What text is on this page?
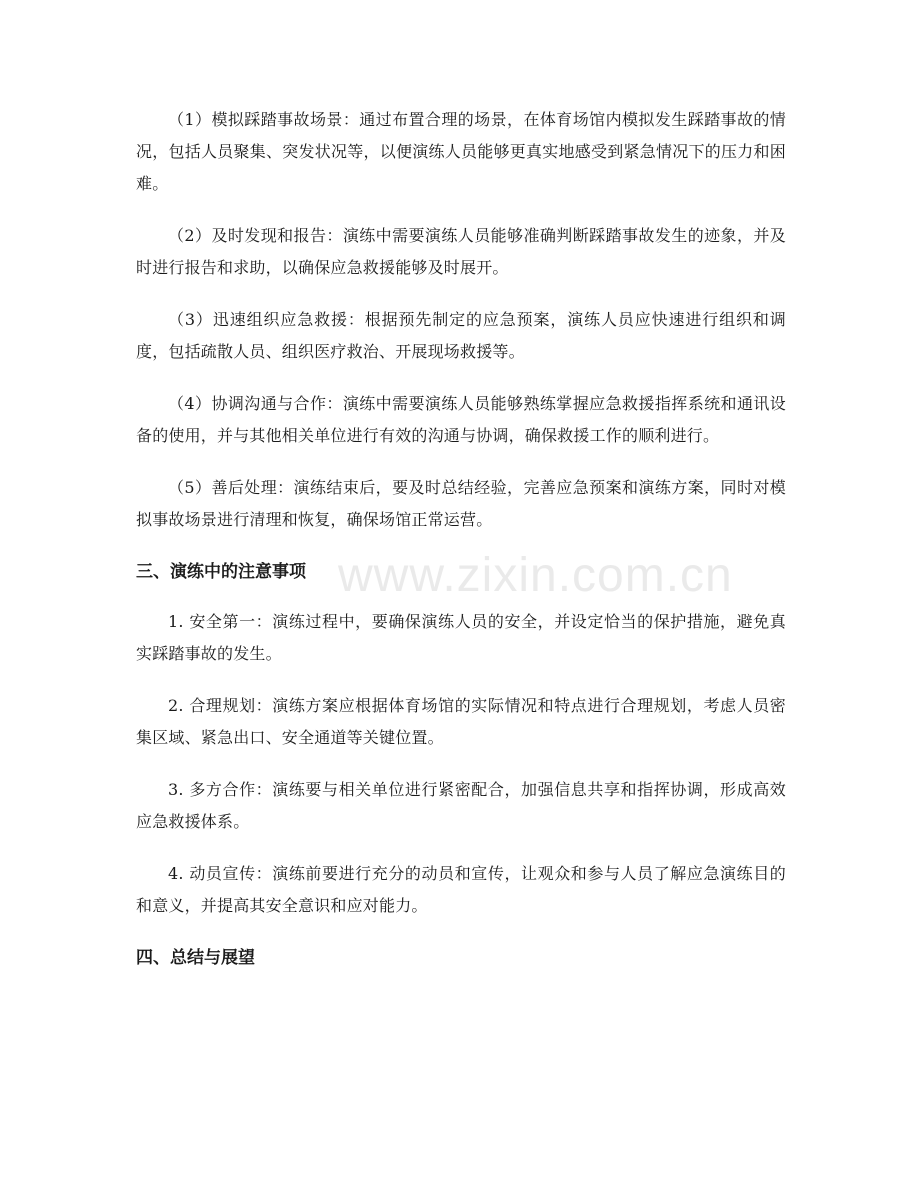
（1）模拟踩踏事故场景：通过布置合理的场景，在体育场馆内模拟发生踩踏事故的情况，包括人员聚集、突发状况等，以便演练人员能够更真实地感受到紧急情况下的压力和困难。

（2）及时发现和报告：演练中需要演练人员能够准确判断踩踏事故发生的迹象，并及时进行报告和求助，以确保应急救援能够及时展开。

（3）迅速组织应急救援：根据预先制定的应急预案，演练人员应快速进行组织和调度，包括疏散人员、组织医疗救治、开展现场救援等。

（4）协调沟通与合作：演练中需要演练人员能够熟练掌握应急救援指挥系统和通讯设备的使用，并与其他相关单位进行有效的沟通与协调，确保救援工作的顺利进行。

（5）善后处理：演练结束后，要及时总结经验，完善应急预案和演练方案，同时对模拟事故场景进行清理和恢复，确保场馆正常运营。

三、演练中的注意事项

1. 安全第一：演练过程中，要确保演练人员的安全，并设定恰当的保护措施，避免真实踩踏事故的发生。

2. 合理规划：演练方案应根据体育场馆的实际情况和特点进行合理规划，考虑人员密集区域、紧急出口、安全通道等关键位置。

3. 多方合作：演练要与相关单位进行紧密配合，加强信息共享和指挥协调，形成高效应急救援体系。

4. 动员宣传：演练前要进行充分的动员和宣传，让观众和参与人员了解应急演练目的和意义，并提高其安全意识和应对能力。

四、总结与展望
www.zixin.com.cn
